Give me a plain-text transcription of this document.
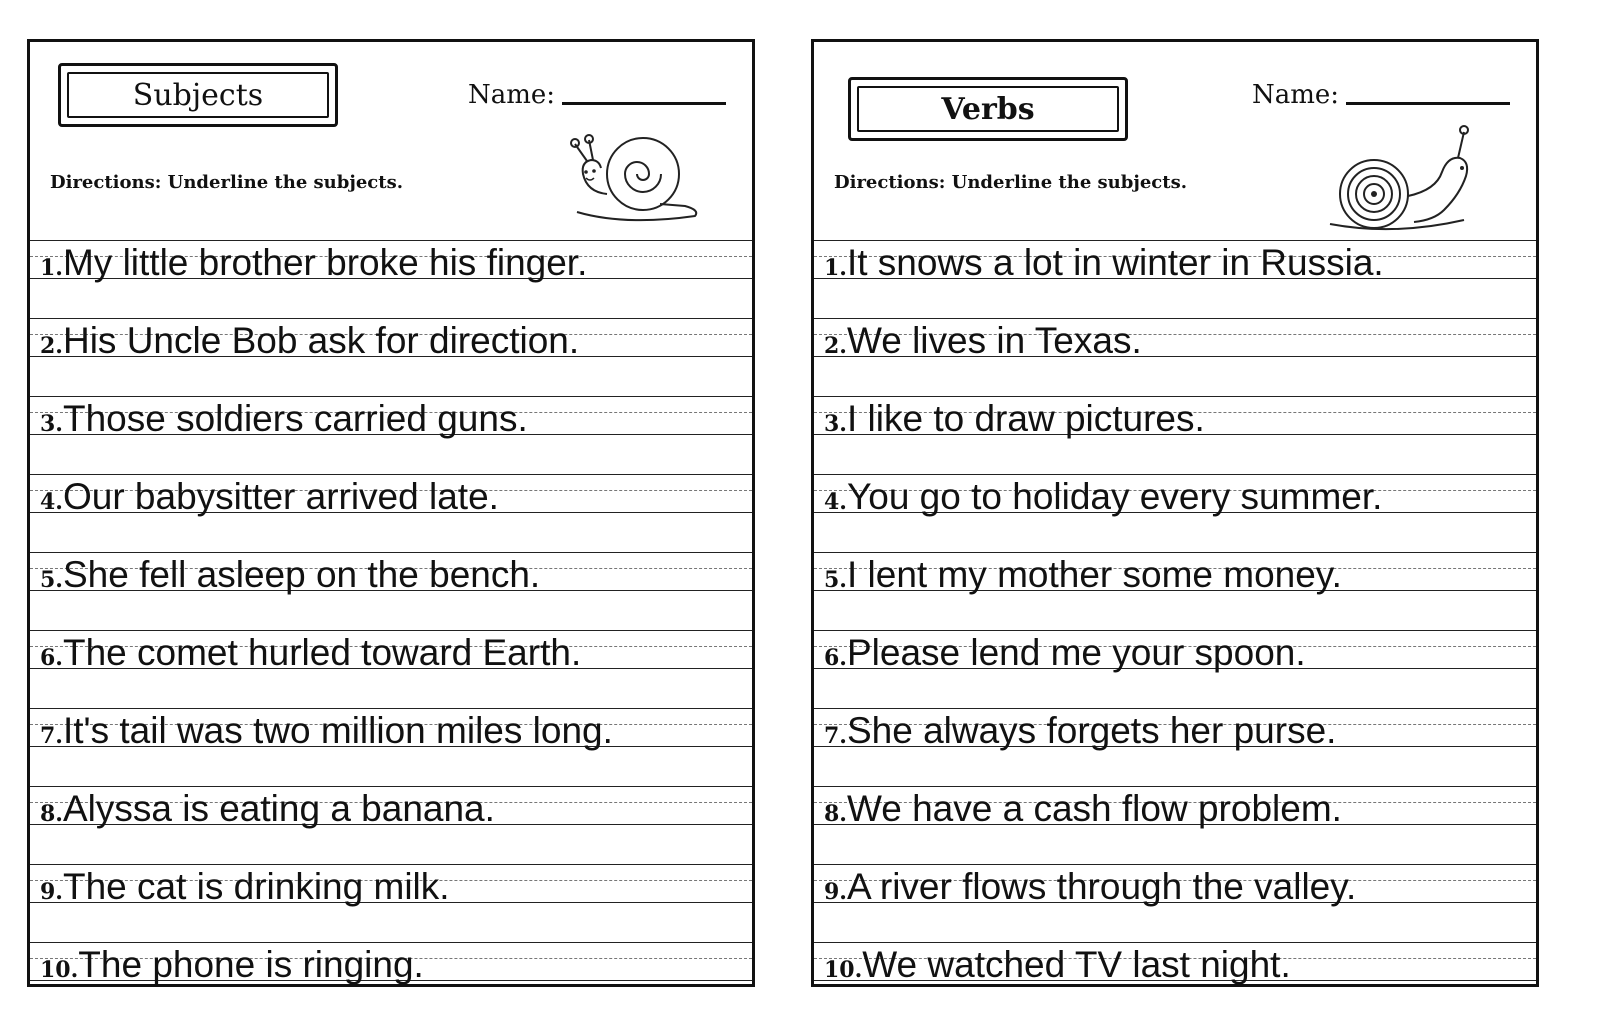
Subjects	Name:
Directions: Underline the subjects.
1.My little brother broke his finger.
2.His Uncle Bob ask for direction.
3.Those soldiers carried guns.
4.Our babysitter arrived late.
5.She fell asleep on the bench.
6.The comet hurled toward Earth.
7.It's tail was two million miles long.
8.Alyssa is eating a banana.
9.The cat is drinking milk.
10.The phone is ringing.
Verbs	Name:
Directions: Underline the subjects.
1.It snows a lot in winter in Russia.
2.We lives in Texas.
3.I like to draw pictures.
4.You go to holiday every summer.
5.I lent my mother some money.
6.Please lend me your spoon.
7.She always forgets her purse.
8.We have a cash flow problem.
9.A river flows through the valley.
10.We watched TV last night.
